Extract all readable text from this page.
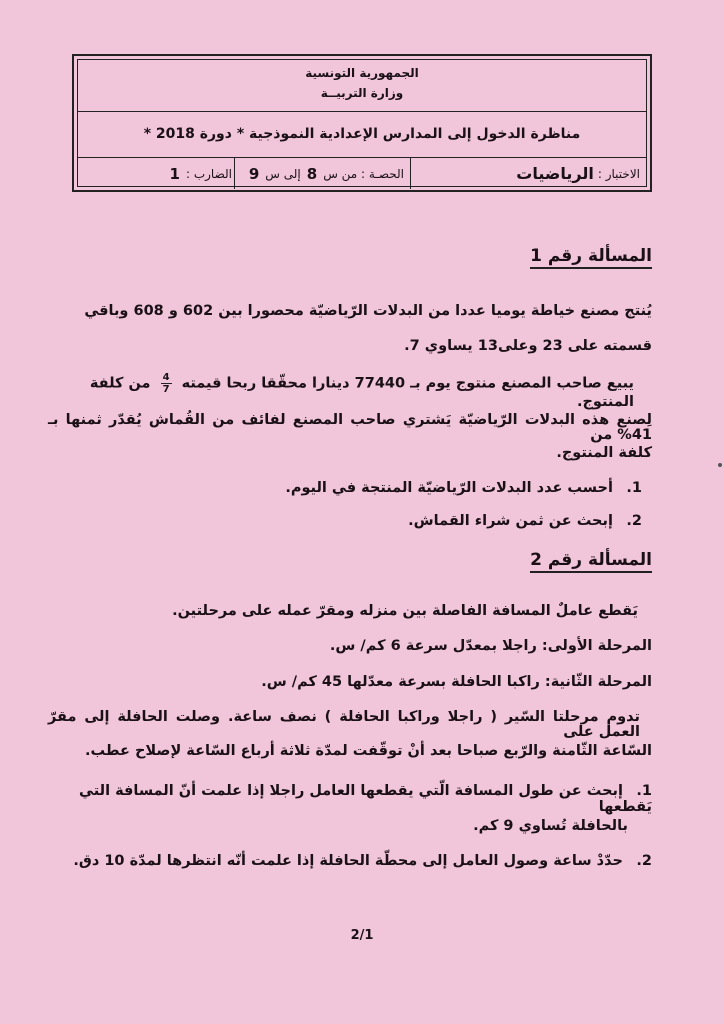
الجمهورية التونسية
وزارة التربيــة
مناظرة الدخول إلى المدارس الإعدادية النموذجية * دورة 2018 *
الاختبار :
الرياضيات
الحصـة : من س
8
إلى س
9
الضارب :
1
المسألة رقم 1
يُنتج مصنع خياطة يوميا عددا من البدلات الرّياضيّة محصورا بين 602 و 608 وباقي
قسمته على 23 وعلى13 يساوي 7.
يبيع صاحب المصنع منتوج يوم بـ 77440 دينارا محقّقا ربحا قيمته
$\frac{4}{7}$
من كلفة المنتوج.
لِصنع هذه البدلات الرّياضيّة يَشتري صاحب المصنع لفائف من القُماش يُقدّر ثمنها بـ 41% من
كلفة المنتوج.
1. أحسب عدد البدلات الرّياضيّة المنتجة في اليوم.
2. إبحث عن ثمن شراء القماش.
المسألة رقم 2
يَقطع عاملٌ المسافة الفاصلة بين منزله ومقرّ عمله على مرحلتين.
المرحلة الأولى: راجلا بمعدّل سرعة 6 كم/ س.
المرحلة الثّانية: راكبا الحافلة بسرعة معدّلها 45 كم/ س.
تدوم مرحلتا السّير ( راجلا وراكبا الحافلة ) نصف ساعة. وصلت الحافلة إلى مقرّ العمل على
السّاعة الثّامنة والرّبع صباحا بعد أنْ توقّفت لمدّة ثلاثة أرباع السّاعة لإصلاح عطب.
1. إبحث عن طول المسافة الّتي يقطعها العامل راجلا إذا علمت أنّ المسافة التي يَقطعها
بالحافلة تُساوي 9 كم.
2. حدّدْ ساعة وصول العامل إلى محطّة الحافلة إذا علمت أنّه انتظرها لمدّة 10 دق.
2/1
